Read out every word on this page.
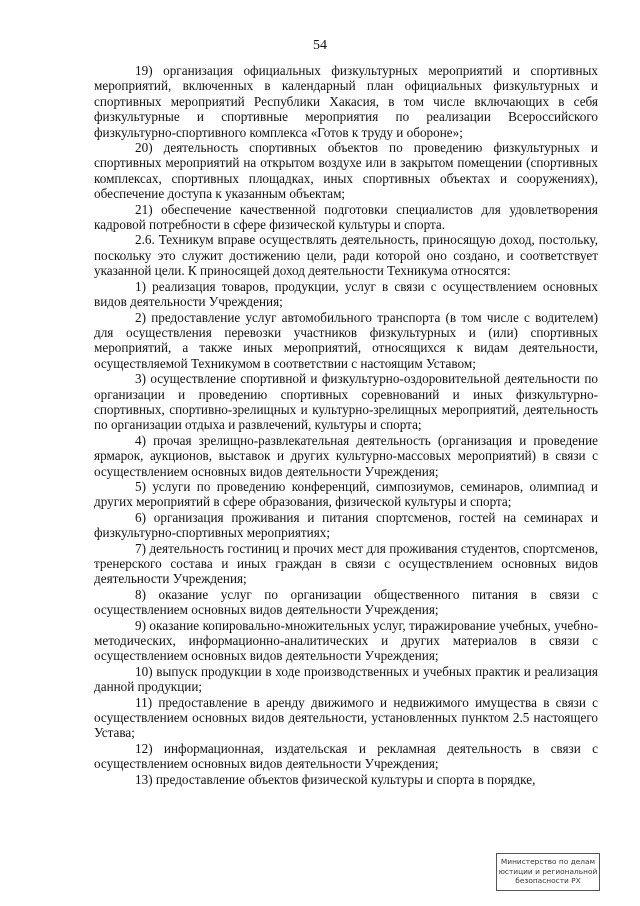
54

19) организация официальных физкультурных мероприятий и спортивных мероприятий, включенных в календарный план официальных физкультурных и спортивных мероприятий Республики Хакасия, в том числе включающих в себя физкультурные и спортивные мероприятия по реализации Всероссийского физкультурно-спортивного комплекса «Готов к труду и обороне»;

20) деятельность спортивных объектов по проведению физкультурных и спортивных мероприятий на открытом воздухе или в закрытом помещении (спортивных комплексах, спортивных площадках, иных спортивных объектах и сооружениях), обеспечение доступа к указанным объектам;

21) обеспечение качественной подготовки специалистов для удовлетворения кадровой потребности в сфере физической культуры и спорта.

2.6. Техникум вправе осуществлять деятельность, приносящую доход, постольку, поскольку это служит достижению цели, ради которой оно создано, и соответствует указанной цели. К приносящей доход деятельности Техникума относятся:

1) реализация товаров, продукции, услуг в связи с осуществлением основных видов деятельности Учреждения;

2) предоставление услуг автомобильного транспорта (в том числе с водителем) для осуществления перевозки участников физкультурных и (или) спортивных мероприятий, а также иных мероприятий, относящихся к видам деятельности, осуществляемой Техникумом в соответствии с настоящим Уставом;

3) осуществление спортивной и физкультурно-оздоровительной деятельности по организации и проведению спортивных соревнований и иных физкультурно-спортивных, спортивно-зрелищных и культурно-зрелищных мероприятий, деятельность по организации отдыха и развлечений, культуры и спорта;

4) прочая зрелищно-развлекательная деятельность (организация и проведение ярмарок, аукционов, выставок и других культурно-массовых мероприятий) в связи с осуществлением основных видов деятельности Учреждения;

5) услуги по проведению конференций, симпозиумов, семинаров, олимпиад и других мероприятий в сфере образования, физической культуры и спорта;

6) организация проживания и питания спортсменов, гостей на семинарах и физкультурно-спортивных мероприятиях;

7) деятельность гостиниц и прочих мест для проживания студентов, спортсменов, тренерского состава и иных граждан в связи с осуществлением основных видов деятельности Учреждения;

8) оказание услуг по организации общественного питания в связи с осуществлением основных видов деятельности Учреждения;

9) оказание копировально-множительных услуг, тиражирование учебных, учебно-методических, информационно-аналитических и других материалов в связи с осуществлением основных видов деятельности Учреждения;

10) выпуск продукции в ходе производственных и учебных практик и реализация данной продукции;

11) предоставление в аренду движимого и недвижимого имущества в связи с осуществлением основных видов деятельности, установленных пунктом 2.5 настоящего Устава;

12) информационная, издательская и рекламная деятельность в связи с осуществлением основных видов деятельности Учреждения;

13) предоставление объектов физической культуры и спорта в порядке,

Министерство по делам
юстиции и региональной
безопасности РХ
